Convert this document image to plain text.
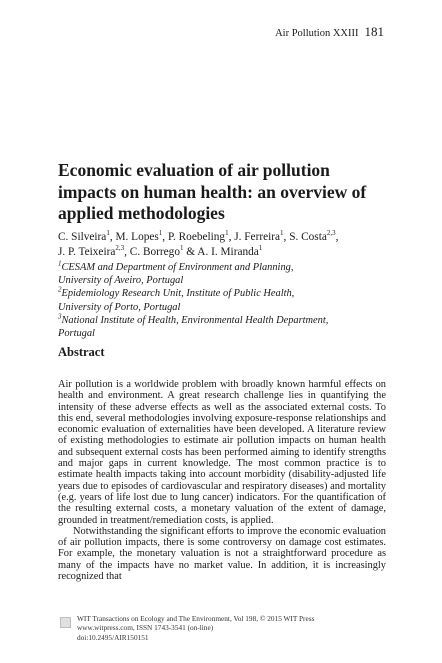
Air Pollution XXIII 181
Economic evaluation of air pollution impacts on human health: an overview of applied methodologies

C. Silveira$^1$, M. Lopes$^1$, P. Roebeling$^1$, J. Ferreira$^1$, S. Costa$^{2,3}$,

J. P. Teixeira$^{2,3}$, C. Borrego$^1$ & A. I. Miranda$^1$

$^1$CESAM and Department of Environment and Planning,

University of Aveiro, Portugal

$^2$Epidemiology Research Unit, Institute of Public Health,

University of Porto, Portugal

$^3$National Institute of Health, Environmental Health Department,

Portugal

Abstract

Air pollution is a worldwide problem with broadly known harmful effects on health and environment. A great research challenge lies in quantifying the intensity of these adverse effects as well as the associated external costs. To this end, several methodologies involving exposure-response relationships and economic evaluation of externalities have been developed. A literature review of existing methodologies to estimate air pollution impacts on human health and subsequent external costs has been performed aiming to identify strengths and major gaps in current knowledge. The most common practice is to estimate health impacts taking into account morbidity (disability-adjusted life years due to episodes of cardiovascular and respiratory diseases) and mortality (e.g. years of life lost due to lung cancer) indicators. For the quantification of the resulting external costs, a monetary valuation of the extent of damage, grounded in treatment/remediation costs, is applied.

Notwithstanding the significant efforts to improve the economic evaluation of air pollution impacts, there is some controversy on damage cost estimates. For example, the monetary valuation is not a straightforward procedure as many of the impacts have no market value. In addition, it is increasingly recognized that

WIT Transactions on Ecology and The Environment, Vol 198, © 2015 WIT Press
www.witpress.com, ISSN 1743-3541 (on-line)
doi:10.2495/AIR150151
